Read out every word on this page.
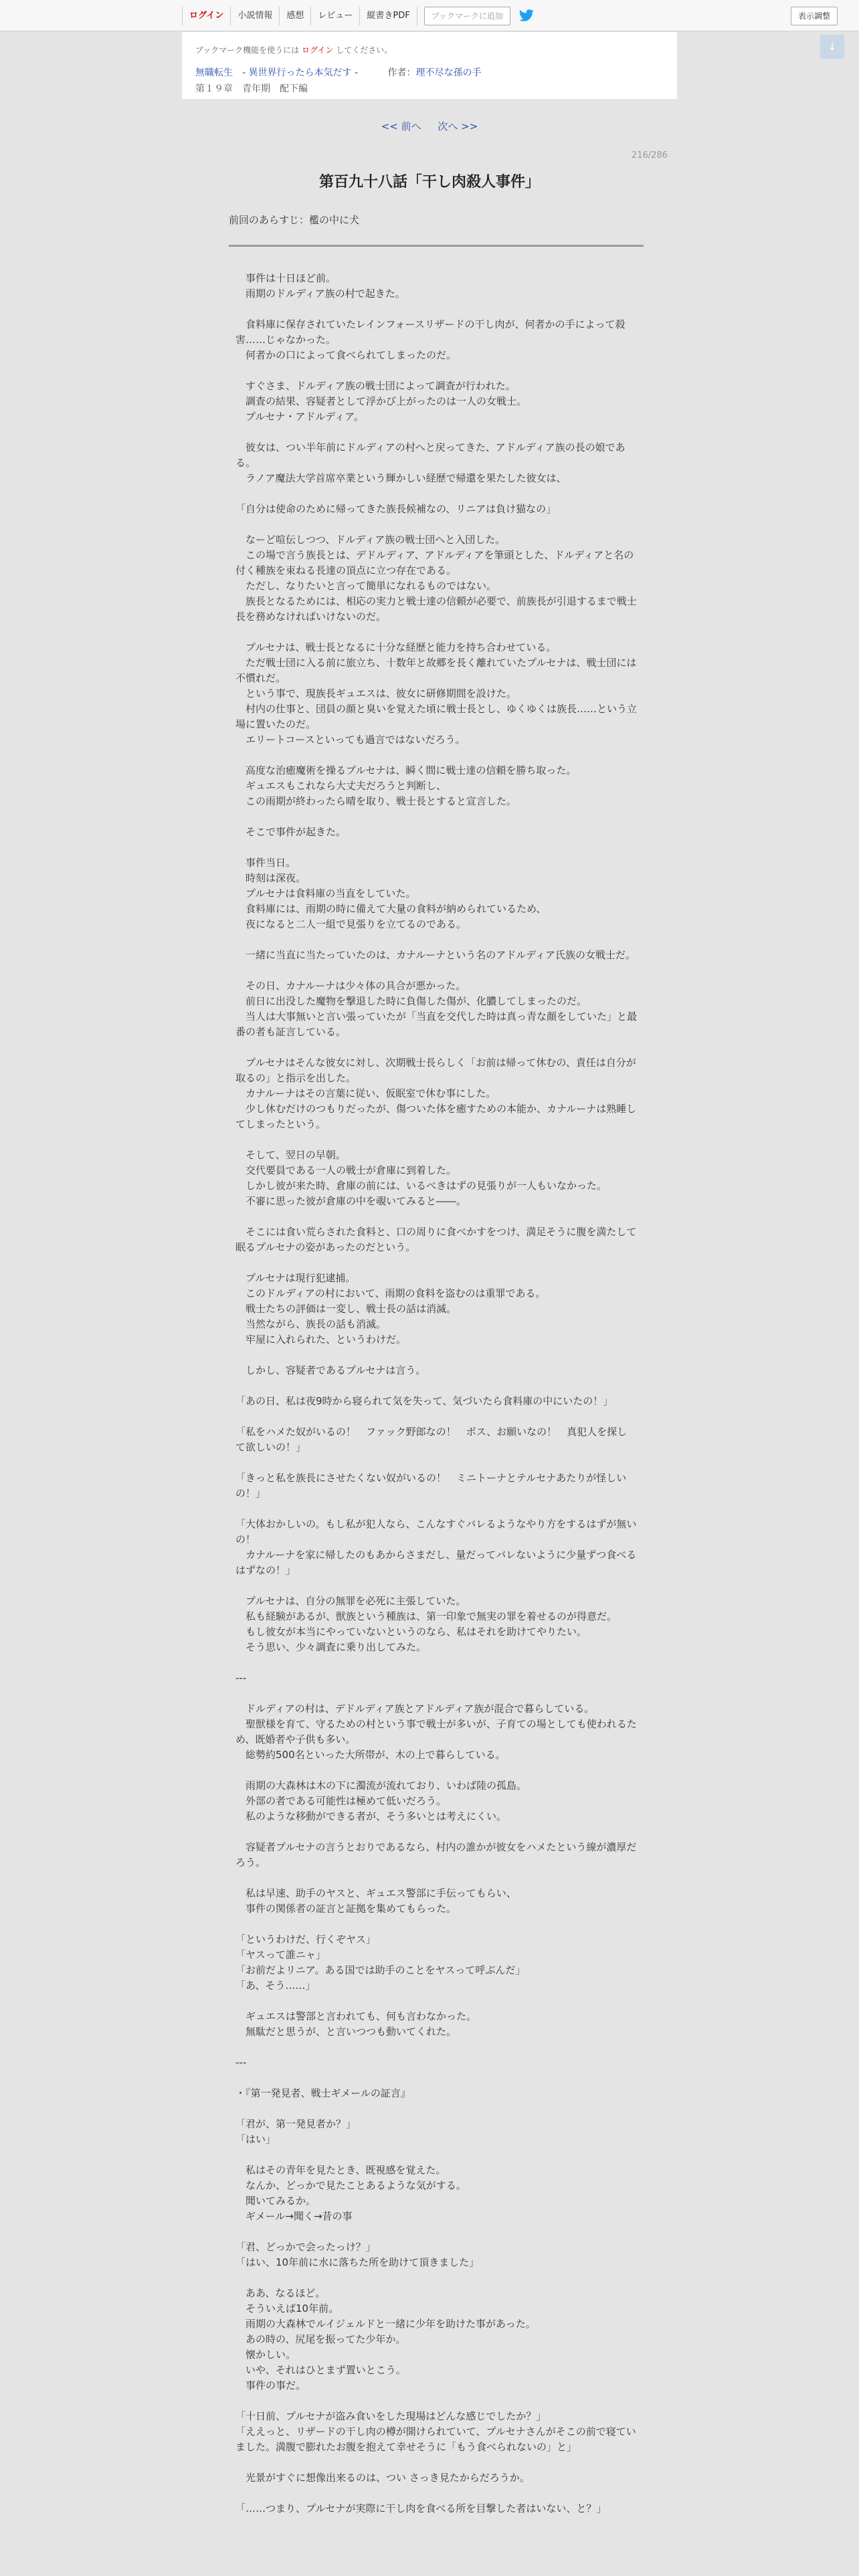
ログイン	小説情報	感想	レビュー	縦書きPDF	ブックマークに追加	表示調整
↓
ブックマーク機能を使うには ログイン してください。
無職転生　- 異世界行ったら本気だす -	作者：理不尽な孫の手
第１９章　青年期　配下編
<< 前へ 次へ >>
216/286
第百九十八話「干し肉殺人事件」
前回のあらすじ：檻の中に犬

　事件は十日ほど前。
　雨期のドルディア族の村で起きた。

　食料庫に保存されていたレインフォースリザードの干し肉が、何者かの手によって殺害……じゃなかった。
　何者かの口によって食べられてしまったのだ。

　すぐさま、ドルディア族の戦士団によって調査が行われた。
　調査の結果、容疑者として浮かび上がったのは一人の女戦士。
　プルセナ・アドルディア。

　彼女は、つい半年前にドルディアの村へと戻ってきた、アドルディア族の長の娘である。
　ラノア魔法大学首席卒業という輝かしい経歴で帰還を果たした彼女は、

「自分は使命のために帰ってきた族長候補なの、リニアは負け猫なの」

　なーど喧伝しつつ、ドルディア族の戦士団へと入団した。
　この場で言う族長とは、デドルディア、アドルディアを筆頭とした、ドルディアと名の付く種族を束ねる長達の頂点に立つ存在である。
　ただし、なりたいと言って簡単になれるものではない。
　族長となるためには、相応の実力と戦士達の信頼が必要で、前族長が引退するまで戦士長を務めなければいけないのだ。

　プルセナは、戦士長となるに十分な経歴と能力を持ち合わせている。
　ただ戦士団に入る前に旅立ち、十数年と故郷を長く離れていたプルセナは、戦士団には不慣れだ。
　という事で、現族長ギュエスは、彼女に研修期間を設けた。
　村内の仕事と、団員の顔と臭いを覚えた頃に戦士長とし、ゆくゆくは族長……という立場に置いたのだ。
　エリートコースといっても過言ではないだろう。

　高度な治癒魔術を操るプルセナは、瞬く間に戦士達の信頼を勝ち取った。
　ギュエスもこれなら大丈夫だろうと判断し、
　この雨期が終わったら晴を取り、戦士長とすると宣言した。

　そこで事件が起きた。

　事件当日。
　時刻は深夜。
　プルセナは食料庫の当直をしていた。
　食料庫には、雨期の時に備えて大量の食料が納められているため、
　夜になると二人一組で見張りを立てるのである。

　一緒に当直に当たっていたのは、カナルーナという名のアドルディア氏族の女戦士だ。

　その日、カナルーナは少々体の具合が悪かった。
　前日に出没した魔物を撃退した時に負傷した傷が、化膿してしまったのだ。
　当人は大事無いと言い張っていたが「当直を交代した時は真っ青な顔をしていた」と最番の者も証言している。

　プルセナはそんな彼女に対し、次期戦士長らしく「お前は帰って休むの、責任は自分が取るの」と指示を出した。
　カナルーナはその言葉に従い、仮眠室で休む事にした。
　少し休むだけのつもりだったが、傷ついた体を癒すための本能か、カナルーナは熟睡してしまったという。

　そして、翌日の早朝。
　交代要員である一人の戦士が倉庫に到着した。
　しかし彼が来た時、倉庫の前には、いるべきはずの見張りが一人もいなかった。
　不審に思った彼が倉庫の中を覗いてみると――。

　そこには食い荒らされた食料と、口の周りに食べかすをつけ、満足そうに腹を満たして眠るプルセナの姿があったのだという。

　プルセナは現行犯逮捕。
　このドルディアの村において、雨期の食料を盗むのは重罪である。
　戦士たちの評価は一変し、戦士長の話は消滅。
　当然ながら、族長の話も消滅。
　牢屋に入れられた、というわけだ。

　しかし、容疑者であるプルセナは言う。

「あの日、私は夜9時から寝られて気を失って、気づいたら食料庫の中にいたの！」

「私をハメた奴がいるの！　ファック野郎なの！　ボス、お願いなの！　真犯人を探して欲しいの！」

「きっと私を族長にさせたくない奴がいるの！　ミニトーナとテルセナあたりが怪しいの！」

「大体おかしいの。もし私が犯人なら、こんなすぐバレるようなやり方をするはずが無いの！
　カナルーナを家に帰したのもあからさまだし、量だってバレないように少量ずつ食べるはずなの！」

　プルセナは、自分の無罪を必死に主張していた。
　私も経験があるが、獣族という種族は、第一印象で無実の罪を着せるのが得意だ。
　もし彼女が本当にやっていないというのなら、私はそれを助けてやりたい。
　そう思い、少々調査に乗り出してみた。

---

　ドルディアの村は、デドルディア族とアドルディア族が混合で暮らしている。
　聖獣様を育て、守るための村という事で戦士が多いが、子育ての場としても使われるため、既婚者や子供も多い。
　総勢約500名といった大所帯が、木の上で暮らしている。

　雨期の大森林は木の下に濁流が流れており、いわば陸の孤島。
　外部の者である可能性は極めて低いだろう。
　私のような移動ができる者が、そう多いとは考えにくい。

　容疑者プルセナの言うとおりであるなら、村内の誰かが彼女をハメたという線が濃厚だろう。

　私は早速、助手のヤスと、ギュエス警部に手伝ってもらい、
　事件の関係者の証言と証拠を集めてもらった。

「というわけだ、行くぞヤス」
「ヤスって誰ニャ」
「お前だよリニア。ある国では助手のことをヤスって呼ぶんだ」
「あ、そう……」

　ギュエスは警部と言われても、何も言わなかった。
　無駄だと思うが、と言いつつも動いてくれた。

---

・『第一発見者、戦士ギメールの証言』

「君が、第一発見者か？」
「はい」

　私はその青年を見たとき、既視感を覚えた。
　なんか、どっかで見たことあるような気がする。
　聞いてみるか。
　ギメール→聞く→昔の事

「君、どっかで会ったっけ？」
「はい、10年前に水に落ちた所を助けて頂きました」

　ああ、なるほど。
　そういえば10年前。
　雨期の大森林でルイジェルドと一緒に少年を助けた事があった。
　あの時の、尻尾を振ってた少年か。
　懐かしい。
　いや、それはひとまず置いとこう。
　事件の事だ。

「十日前、プルセナが盗み食いをした現場はどんな感じでしたか？」
「ええっと、リザードの干し肉の樽が開けられていて、プルセナさんがそこの前で寝ていました。満腹で膨れたお腹を抱えて幸せそうに「もう食べられないの」と」

　光景がすぐに想像出来るのは、つい さっき見たからだろうか。

「……つまり、プルセナが実際に干し肉を食べる所を目撃した者はいない、と？」
